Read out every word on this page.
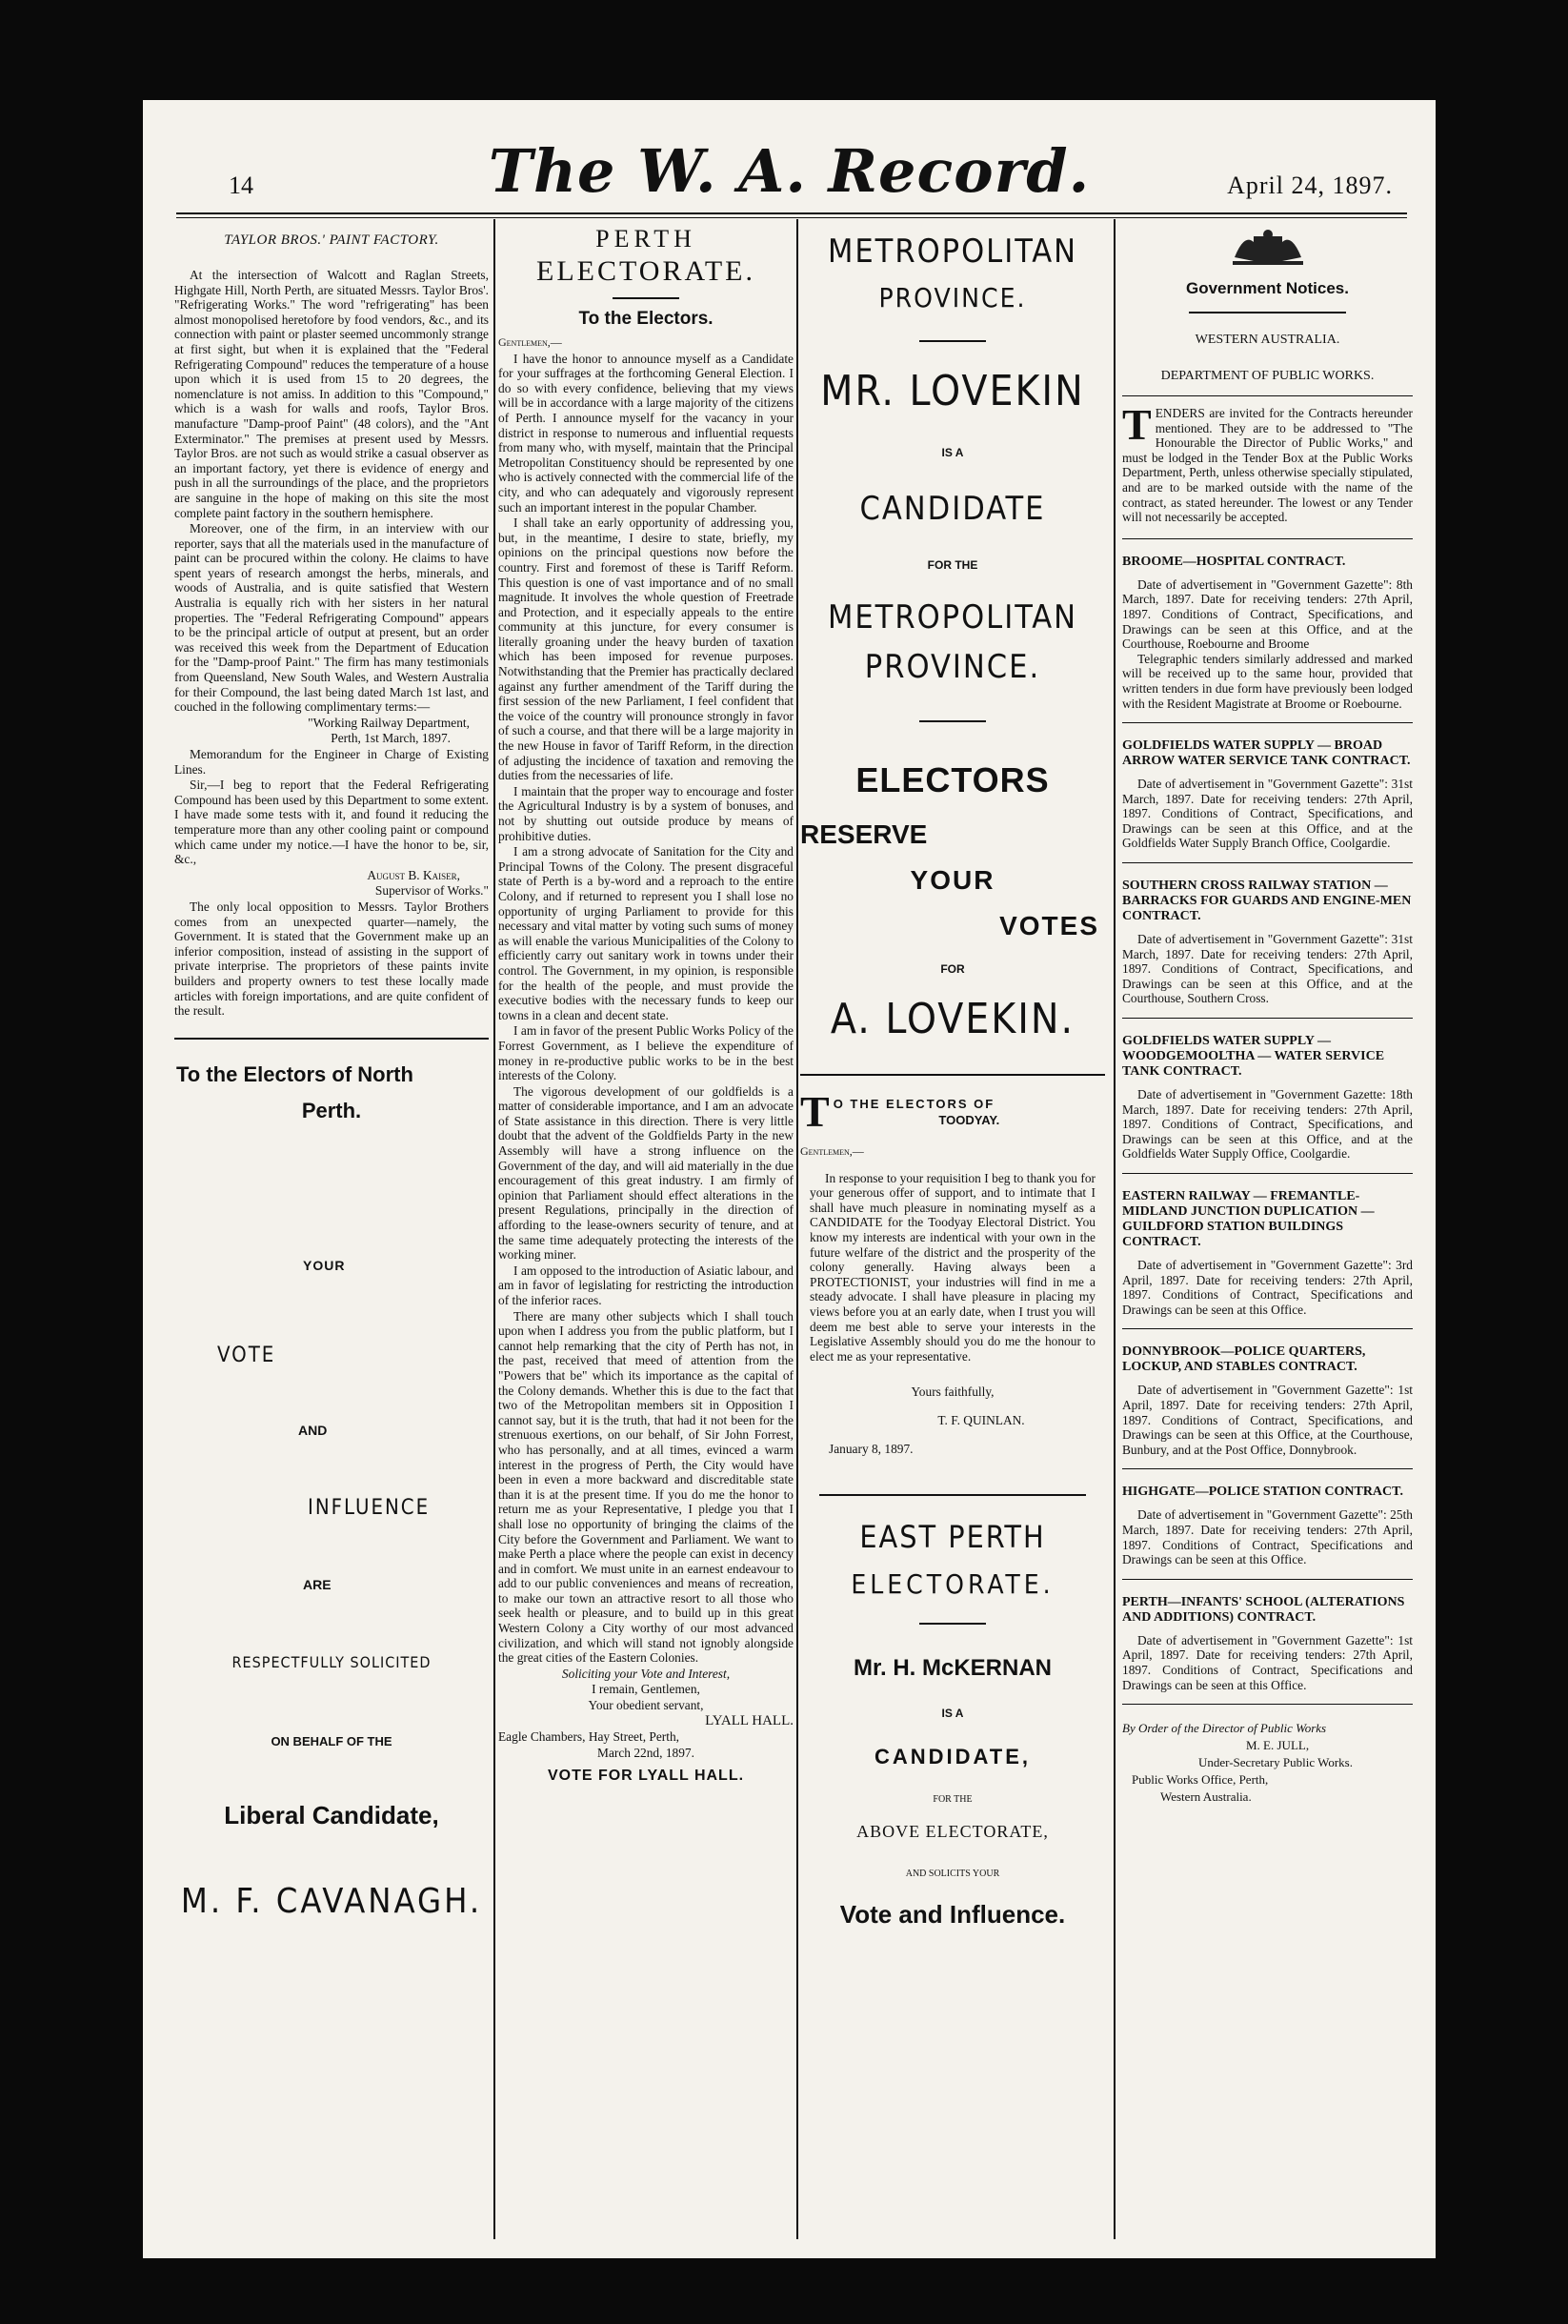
14	The W. A. Record.	April 24, 1897.
TAYLOR BROS.' PAINT FACTORY.

At the intersection of Walcott and Raglan Streets, Highgate Hill, North Perth, are situated Messrs. Taylor Bros'. "Refrigerating Works." The word "refrigerating" has been almost monopolised heretofore by food vendors, &c., and its connection with paint or plaster seemed uncommonly strange at first sight, but when it is explained that the "Federal Refrigerating Compound" reduces the temperature of a house upon which it is used from 15 to 20 degrees, the nomenclature is not amiss. In addition to this "Compound," which is a wash for walls and roofs, Taylor Bros. manufacture "Damp-proof Paint" (48 colors), and the "Ant Exterminator." The premises at present used by Messrs. Taylor Bros. are not such as would strike a casual observer as an important factory, yet there is evidence of energy and push in all the surroundings of the place, and the proprietors are sanguine in the hope of making on this site the most complete paint factory in the southern hemisphere.

Moreover, one of the firm, in an interview with our reporter, says that all the materials used in the manufacture of paint can be procured within the colony. He claims to have spent years of research amongst the herbs, minerals, and woods of Australia, and is quite satisfied that Western Australia is equally rich with her sisters in her natural properties. The "Federal Refrigerating Compound" appears to be the principal article of output at present, but an order was received this week from the Department of Education for the "Damp-proof Paint." The firm has many testimonials from Queensland, New South Wales, and Western Australia for their Compound, the last being dated March 1st last, and couched in the following complimentary terms:—

"Working Railway Department,

Perth, 1st March, 1897.

Memorandum for the Engineer in Charge of Existing Lines.

Sir,—I beg to report that the Federal Refrigerating Compound has been used by this Department to some extent. I have made some tests with it, and found it reducing the temperature more than any other cooling paint or compound which came under my notice.—I have the honor to be, sir, &c.,

August B. Kaiser,

Supervisor of Works."

The only local opposition to Messrs. Taylor Brothers comes from an unexpected quarter—namely, the Government. It is stated that the Government make up an inferior composition, instead of assisting in the support of private interprise. The proprietors of these paints invite builders and property owners to test these locally made articles with foreign importations, and are quite confident of the result.

To the Electors of North
Perth.
YOUR
VOTE
AND
INFLUENCE
ARE
RESPECTFULLY SOLICITED
ON BEHALF OF THE
Liberal Candidate,
M. F. CAVANAGH.
PERTH
ELECTORATE.
To the Electors.

Gentlemen,—

I have the honor to announce myself as a Candidate for your suffrages at the forthcoming General Election. I do so with every confidence, believing that my views will be in accordance with a large majority of the citizens of Perth. I announce myself for the vacancy in your district in response to numerous and influential requests from many who, with myself, maintain that the Principal Metropolitan Constituency should be represented by one who is actively connected with the commercial life of the city, and who can adequately and vigorously represent such an important interest in the popular Chamber.

I shall take an early opportunity of addressing you, but, in the meantime, I desire to state, briefly, my opinions on the principal questions now before the country. First and foremost of these is Tariff Reform. This question is one of vast importance and of no small magnitude. It involves the whole question of Freetrade and Protection, and it especially appeals to the entire community at this juncture, for every consumer is literally groaning under the heavy burden of taxation which has been imposed for revenue purposes. Notwithstanding that the Premier has practically declared against any further amendment of the Tariff during the first session of the new Parliament, I feel confident that the voice of the country will pronounce strongly in favor of such a course, and that there will be a large majority in the new House in favor of Tariff Reform, in the direction of adjusting the incidence of taxation and removing the duties from the necessaries of life.

I maintain that the proper way to encourage and foster the Agricultural Industry is by a system of bonuses, and not by shutting out outside produce by means of prohibitive duties.

I am a strong advocate of Sanitation for the City and Principal Towns of the Colony. The present disgraceful state of Perth is a by-word and a reproach to the entire Colony, and if returned to represent you I shall lose no opportunity of urging Parliament to provide for this necessary and vital matter by voting such sums of money as will enable the various Municipalities of the Colony to efficiently carry out sanitary work in towns under their control. The Government, in my opinion, is responsible for the health of the people, and must provide the executive bodies with the necessary funds to keep our towns in a clean and decent state.

I am in favor of the present Public Works Policy of the Forrest Government, as I believe the expenditure of money in re-productive public works to be in the best interests of the Colony.

The vigorous development of our goldfields is a matter of considerable importance, and I am an advocate of State assistance in this direction. There is very little doubt that the advent of the Goldfields Party in the new Assembly will have a strong influence on the Government of the day, and will aid materially in the due encouragement of this great industry. I am firmly of opinion that Parliament should effect alterations in the present Regulations, principally in the direction of affording to the lease-owners security of tenure, and at the same time adequately protecting the interests of the working miner.

I am opposed to the introduction of Asiatic labour, and am in favor of legislating for restricting the introduction of the inferior races.

There are many other subjects which I shall touch upon when I address you from the public platform, but I cannot help remarking that the city of Perth has not, in the past, received that meed of attention from the "Powers that be" which its importance as the capital of the Colony demands. Whether this is due to the fact that two of the Metropolitan members sit in Opposition I cannot say, but it is the truth, that had it not been for the strenuous exertions, on our behalf, of Sir John Forrest, who has personally, and at all times, evinced a warm interest in the progress of Perth, the City would have been in even a more backward and discreditable state than it is at the present time. If you do me the honor to return me as your Representative, I pledge you that I shall lose no opportunity of bringing the claims of the City before the Government and Parliament. We want to make Perth a place where the people can exist in decency and in comfort. We must unite in an earnest endeavour to add to our public conveniences and means of recreation, to make our town an attractive resort to all those who seek health or pleasure, and to build up in this great Western Colony a City worthy of our most advanced civilization, and which will stand not ignobly alongside the great cities of the Eastern Colonies.

Soliciting your Vote and Interest,

I remain, Gentlemen,

Your obedient servant,

LYALL HALL.

Eagle Chambers, Hay Street, Perth,

March 22nd, 1897.

VOTE FOR LYALL HALL.
METROPOLITAN
PROVINCE.
MR. LOVEKIN
IS A
CANDIDATE
FOR THE
METROPOLITAN
PROVINCE.
ELECTORS
RESERVE
YOUR
VOTES
FOR
A. LOVEKIN.
T O THE ELECTORS OF

TOODYAY.

Gentlemen,—

In response to your requisition I beg to thank you for your generous offer of support, and to intimate that I shall have much pleasure in nominating myself as a CANDIDATE for the Toodyay Electoral District. You know my interests are indentical with your own in the future welfare of the district and the prosperity of the colony generally. Having always been a PROTECTIONIST, your industries will find in me a steady advocate. I shall have pleasure in placing my views before you at an early date, when I trust you will deem me best able to serve your interests in the Legislative Assembly should you do me the honour to elect me as your representative.

Yours faithfully,

T. F. QUINLAN.

January 8, 1897.

EAST PERTH
ELECTORATE.
Mr. H. McKERNAN
IS A
CANDIDATE,
FOR THE
ABOVE ELECTORATE,
AND SOLICITS YOUR
Vote and Influence.
Government Notices.
WESTERN AUSTRALIA.
DEPARTMENT OF PUBLIC WORKS.
T ENDERS are invited for the Contracts hereunder mentioned. They are to be addressed to "The Honourable the Director of Public Works," and must be lodged in the Tender Box at the Public Works Department, Perth, unless otherwise specially stipulated, and are to be marked outside with the name of the contract, as stated hereunder. The lowest or any Tender will not necessarily be accepted.

BROOME—HOSPITAL CONTRACT.

Date of advertisement in "Government Gazette": 8th March, 1897. Date for receiving tenders: 27th April, 1897. Conditions of Contract, Specifications, and Drawings can be seen at this Office, and at the Courthouse, Roebourne and Broome

Telegraphic tenders similarly addressed and marked will be received up to the same hour, provided that written tenders in due form have previously been lodged with the Resident Magistrate at Broome or Roebourne.

GOLDFIELDS WATER SUPPLY — BROAD ARROW WATER SERVICE TANK CONTRACT.

Date of advertisement in "Government Gazette": 31st March, 1897. Date for receiving tenders: 27th April, 1897. Conditions of Contract, Specifications, and Drawings can be seen at this Office, and at the Goldfields Water Supply Branch Office, Coolgardie.

SOUTHERN CROSS RAILWAY STATION — BARRACKS FOR GUARDS AND ENGINE-MEN CONTRACT.

Date of advertisement in "Government Gazette": 31st March, 1897. Date for receiving tenders: 27th April, 1897. Conditions of Contract, Specifications, and Drawings can be seen at this Office, and at the Courthouse, Southern Cross.

GOLDFIELDS WATER SUPPLY — WOODGEMOOLTHA — WATER SERVICE TANK CONTRACT.

Date of advertisement in "Government Gazette: 18th March, 1897. Date for receiving tenders: 27th April, 1897. Conditions of Contract, Specifications, and Drawings can be seen at this Office, and at the Goldfields Water Supply Office, Coolgardie.

EASTERN RAILWAY — FREMANTLE-MIDLAND JUNCTION DUPLICATION — GUILDFORD STATION BUILDINGS CONTRACT.

Date of advertisement in "Government Gazette": 3rd April, 1897. Date for receiving tenders: 27th April, 1897. Conditions of Contract, Specifications and Drawings can be seen at this Office.

DONNYBROOK—POLICE QUARTERS, LOCKUP, AND STABLES CONTRACT.

Date of advertisement in "Government Gazette": 1st April, 1897. Date for receiving tenders: 27th April, 1897. Conditions of Contract, Specifications, and Drawings can be seen at this Office, at the Courthouse, Bunbury, and at the Post Office, Donnybrook.

HIGHGATE—POLICE STATION CONTRACT.

Date of advertisement in "Government Gazette": 25th March, 1897. Date for receiving tenders: 27th April, 1897. Conditions of Contract, Specifications and Drawings can be seen at this Office.

PERTH—INFANTS' SCHOOL (ALTERATIONS AND ADDITIONS) CONTRACT.

Date of advertisement in "Government Gazette": 1st April, 1897. Date for receiving tenders: 27th April, 1897. Conditions of Contract, Specifications and Drawings can be seen at this Office.

By Order of the Director of Public Works

M. E. JULL,

Under-Secretary Public Works.

Public Works Office, Perth,

Western Australia.
